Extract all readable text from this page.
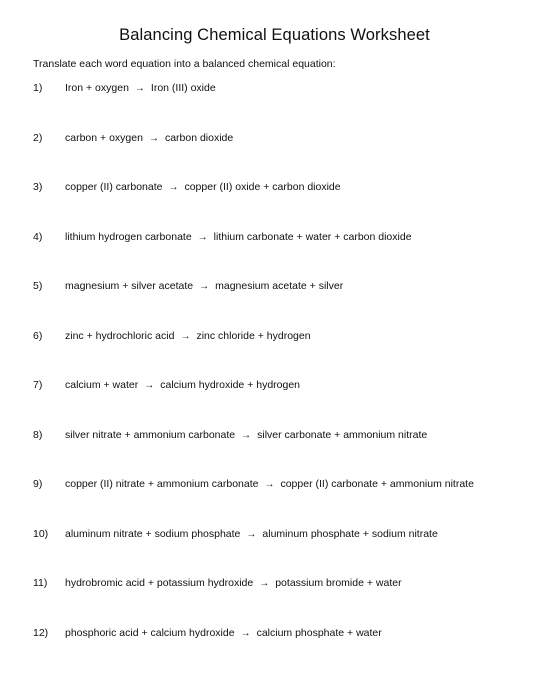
Balancing Chemical Equations Worksheet
Translate each word equation into a balanced chemical equation:
1) Iron + oxygen → Iron (III) oxide
2) carbon + oxygen → carbon dioxide
3) copper (II) carbonate → copper (II) oxide + carbon dioxide
4) lithium hydrogen carbonate → lithium carbonate + water + carbon dioxide
5) magnesium + silver acetate → magnesium acetate + silver
6) zinc + hydrochloric acid → zinc chloride + hydrogen
7) calcium + water → calcium hydroxide + hydrogen
8) silver nitrate + ammonium carbonate → silver carbonate + ammonium nitrate
9) copper (II) nitrate + ammonium carbonate → copper (II) carbonate + ammonium nitrate
10) aluminum nitrate + sodium phosphate → aluminum phosphate + sodium nitrate
11) hydrobromic acid + potassium hydroxide → potassium bromide + water
12) phosphoric acid + calcium hydroxide → calcium phosphate + water
